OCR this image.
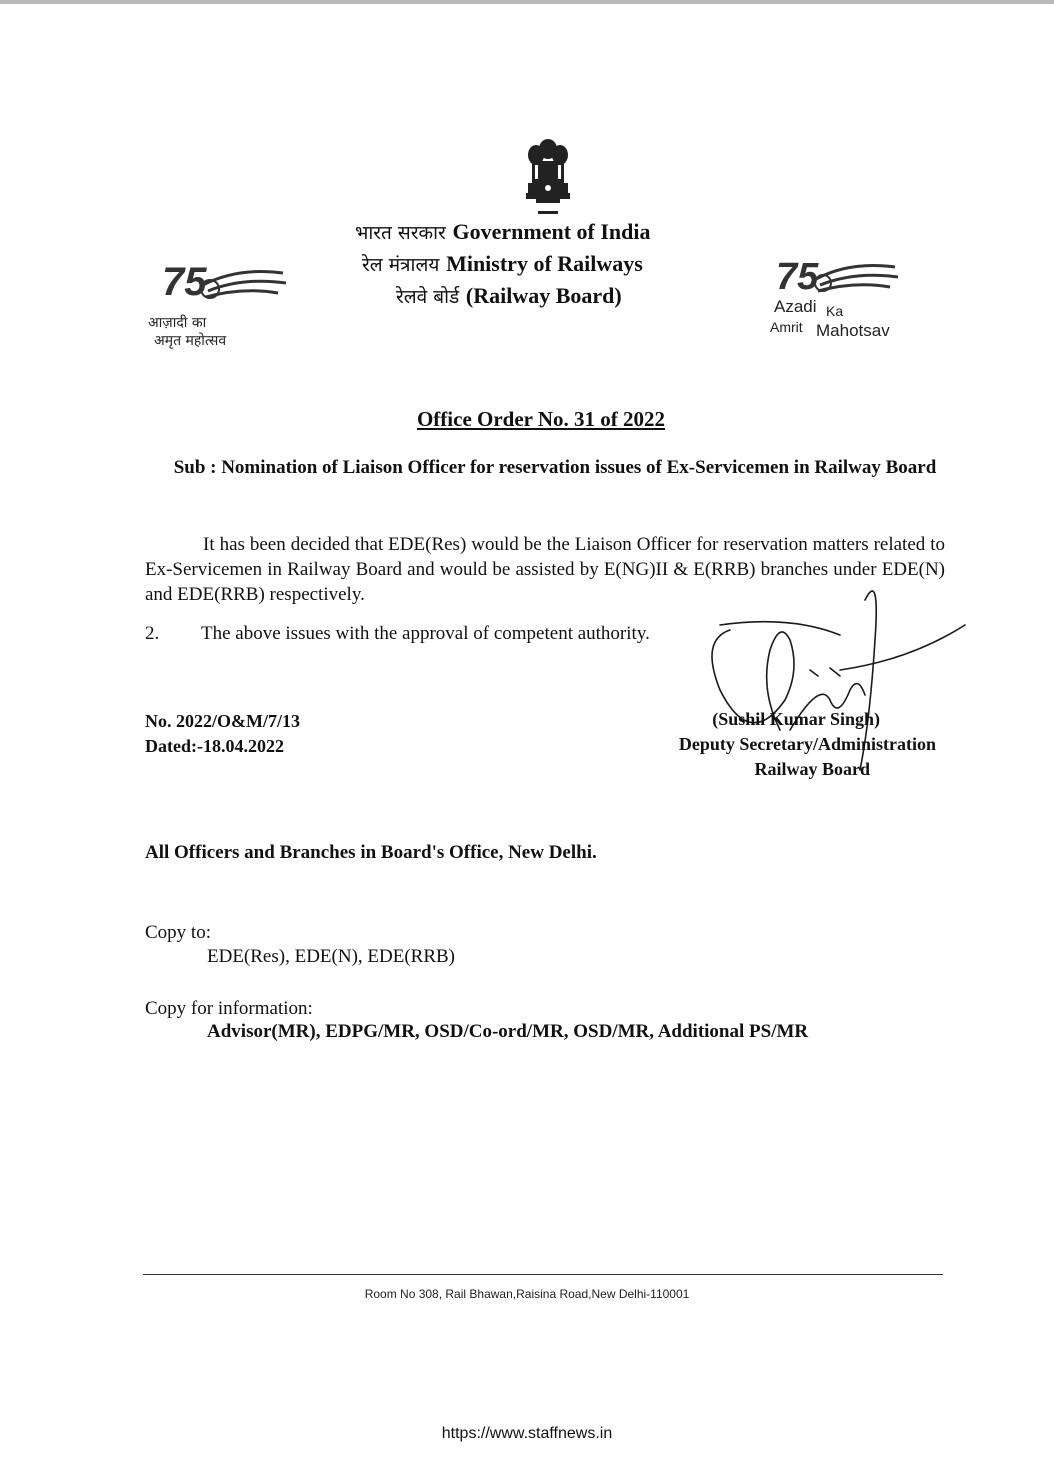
भारत सरकार Government of India
रेल मंत्रालय Ministry of Railways
रेलवे बोर्ड (Railway Board)
75
आज़ादी का
अमृत महोत्सव
75
Azadi Ka
Amrit Mahotsav
Office Order No. 31 of 2022
Sub : Nomination of Liaison Officer for reservation issues of Ex-Servicemen in Railway Board
It has been decided that EDE(Res) would be the Liaison Officer for reservation matters related to Ex-Servicemen in Railway Board and would be assisted by E(NG)II & E(RRB) branches under EDE(N) and EDE(RRB) respectively.
2. The above issues with the approval of competent authority.
No. 2022/O&M/7/13
Dated:-18.04.2022
(Sushil Kumar Singh)
Deputy Secretary/Administration
Railway Board
All Officers and Branches in Board's Office, New Delhi.
Copy to:
EDE(Res), EDE(N), EDE(RRB)
Copy for information:
Advisor(MR), EDPG/MR, OSD/Co-ord/MR, OSD/MR, Additional PS/MR
Room No 308, Rail Bhawan,Raisina Road,New Delhi-110001
https://www.staffnews.in
